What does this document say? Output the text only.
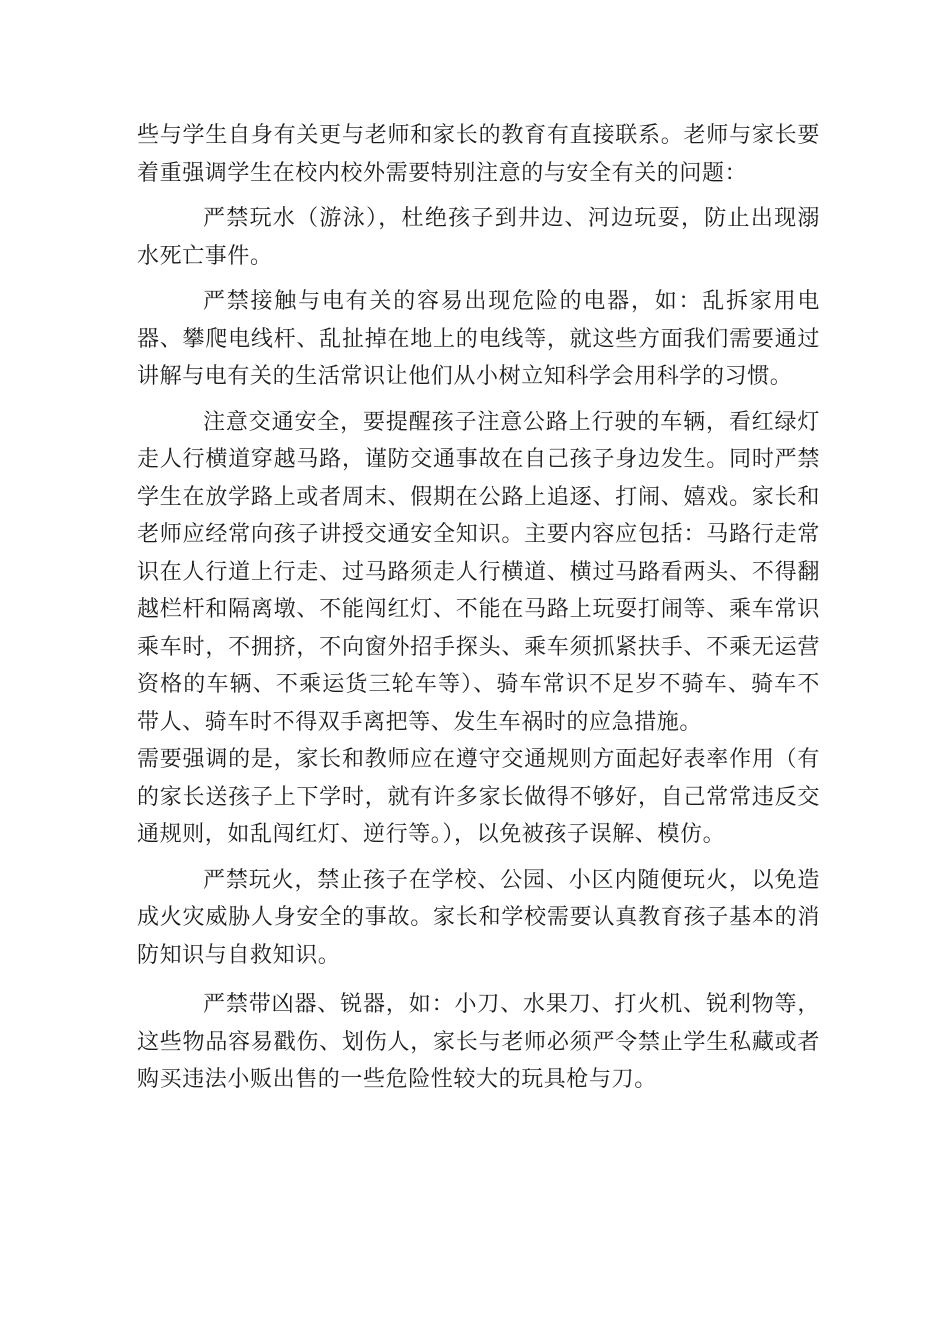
些与学生自身有关更与老师和家长的教育有直接联系。老师与家长要着重强调学生在校内校外需要特别注意的与安全有关的问题：

严禁玩水（游泳），杜绝孩子到井边、河边玩耍，防止出现溺水死亡事件。

严禁接触与电有关的容易出现危险的电器，如：乱拆家用电器、攀爬电线杆、乱扯掉在地上的电线等，就这些方面我们需要通过讲解与电有关的生活常识让他们从小树立知科学会用科学的习惯。

注意交通安全，要提醒孩子注意公路上行驶的车辆，看红绿灯走人行横道穿越马路，谨防交通事故在自己孩子身边发生。同时严禁学生在放学路上或者周末、假期在公路上追逐、打闹、嬉戏。家长和老师应经常向孩子讲授交通安全知识。主要内容应包括：马路行走常识在人行道上行走、过马路须走人行横道、横过马路看两头、不得翻越栏杆和隔离墩、不能闯红灯、不能在马路上玩耍打闹等、乘车常识乘车时，不拥挤，不向窗外招手探头、乘车须抓紧扶手、不乘无运营资格的车辆、不乘运货三轮车等）、骑车常识不足岁不骑车、骑车不带人、骑车时不得双手离把等、发生车祸时的应急措施。

需要强调的是，家长和教师应在遵守交通规则方面起好表率作用（有的家长送孩子上下学时，就有许多家长做得不够好，自己常常违反交通规则，如乱闯红灯、逆行等。），以免被孩子误解、模仿。

严禁玩火，禁止孩子在学校、公园、小区内随便玩火，以免造成火灾威胁人身安全的事故。家长和学校需要认真教育孩子基本的消防知识与自救知识。

严禁带凶器、锐器，如：小刀、水果刀、打火机、锐利物等，这些物品容易戳伤、划伤人，家长与老师必须严令禁止学生私藏或者购买违法小贩出售的一些危险性较大的玩具枪与刀。
